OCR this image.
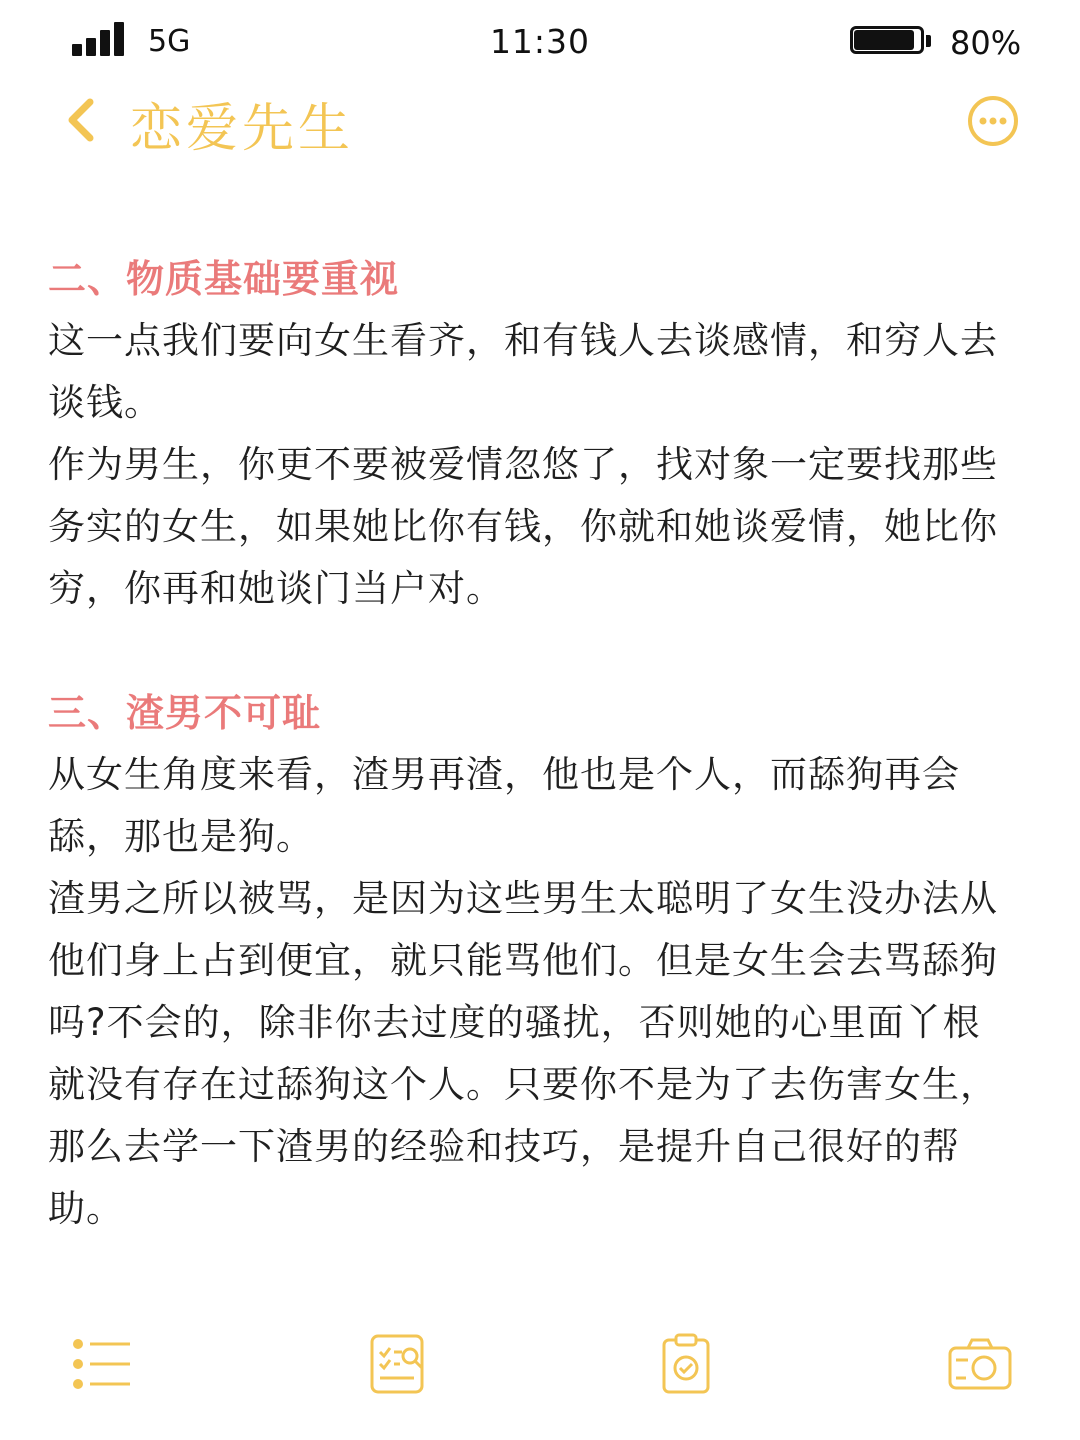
5G	11:30	80%
恋爱先生

二、物质基础要重视

这一点我们要向女生看齐，和有钱人去谈感情，和穷人去

谈钱。

作为男生，你更不要被爱情忽悠了，找对象一定要找那些

务实的女生，如果她比你有钱，你就和她谈爱情，她比你

穷，你再和她谈门当户对。

三、渣男不可耻

从女生角度来看，渣男再渣，他也是个人，而舔狗再会

舔，那也是狗。

渣男之所以被骂，是因为这些男生太聪明了女生没办法从

他们身上占到便宜，就只能骂他们。但是女生会去骂舔狗

吗?不会的，除非你去过度的骚扰，否则她的心里面丫根

就没有存在过舔狗这个人。只要你不是为了去伤害女生，

那么去学一下渣男的经验和技巧，是提升自己很好的帮

助。
